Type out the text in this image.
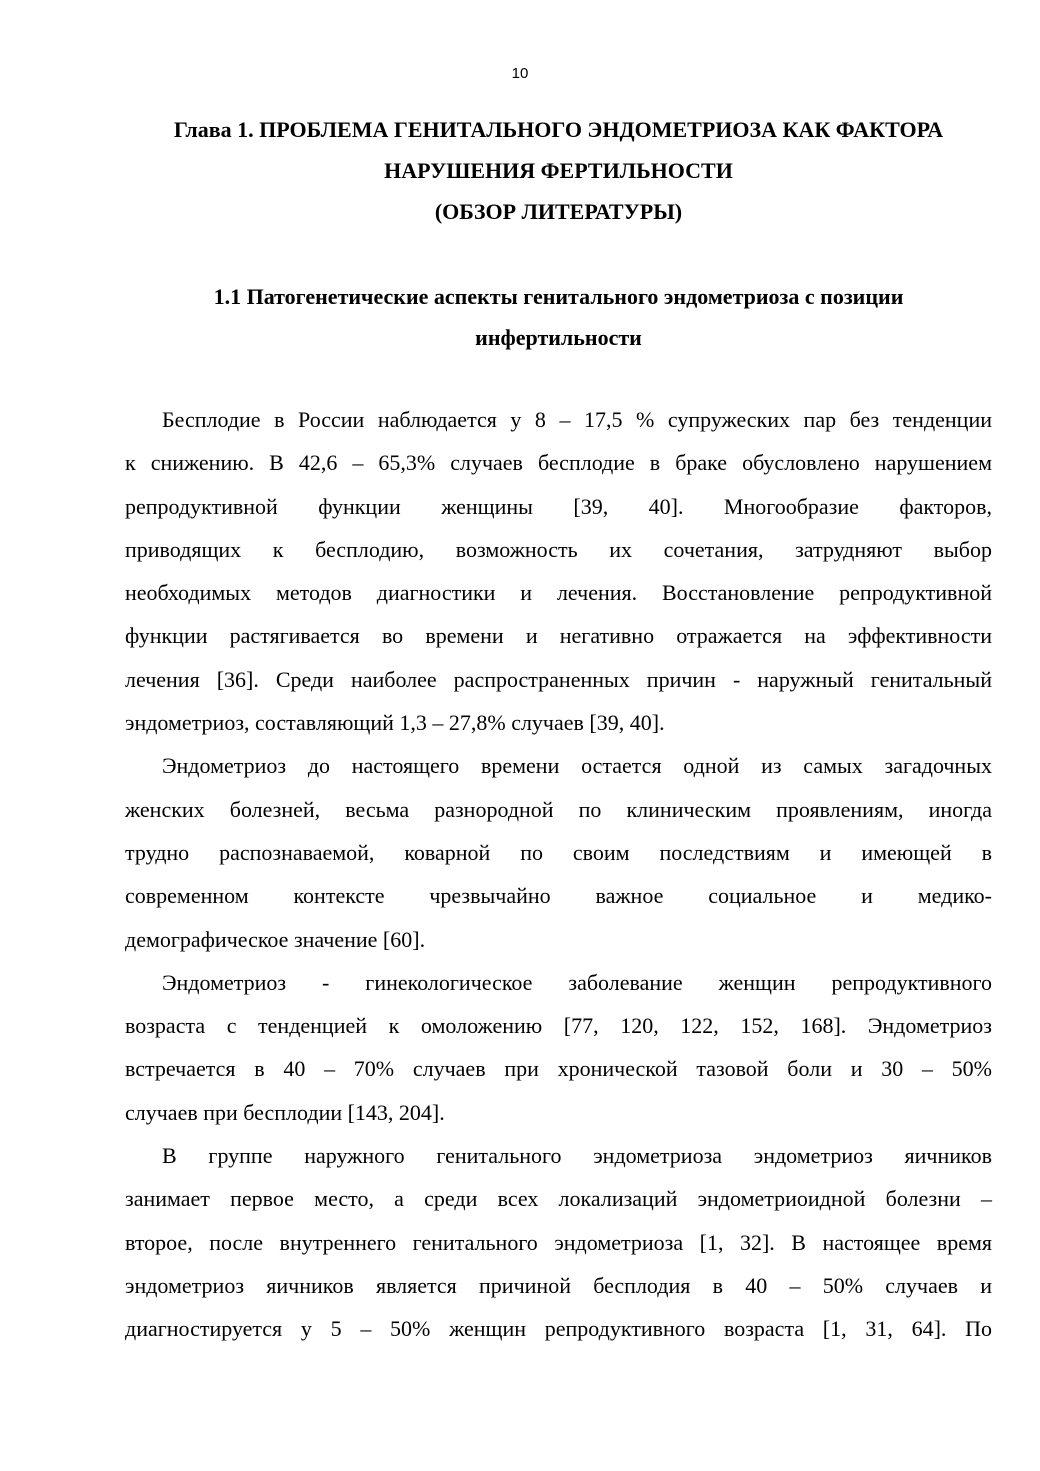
10
Глава 1. ПРОБЛЕМА ГЕНИТАЛЬНОГО ЭНДОМЕТРИОЗА КАК ФАКТОРА
НАРУШЕНИЯ ФЕРТИЛЬНОСТИ
(ОБЗОР ЛИТЕРАТУРЫ)
1.1 Патогенетические аспекты генитального эндометриоза с позиции
инфертильности
Бесплодие в России наблюдается у 8 – 17,5 % супружеских пар без тенденции
к снижению. В 42,6 – 65,3% случаев бесплодие в браке обусловлено нарушением
репродуктивной функции женщины [39, 40]. Многообразие факторов,
приводящих к бесплодию, возможность их сочетания, затрудняют выбор
необходимых методов диагностики и лечения. Восстановление репродуктивной
функции растягивается во времени и негативно отражается на эффективности
лечения [36]. Среди наиболее распространенных причин - наружный генитальный
эндометриоз, составляющий 1,3 – 27,8% случаев [39, 40].
Эндометриоз до настоящего времени остается одной из самых загадочных
женских болезней, весьма разнородной по клиническим проявлениям, иногда
трудно распознаваемой, коварной по своим последствиям и имеющей в
современном контексте чрезвычайно важное социальное и медико-
демографическое значение [60].
Эндометриоз - гинекологическое заболевание женщин репродуктивного
возраста с тенденцией к омоложению [77, 120, 122, 152, 168]. Эндометриоз
встречается в 40 – 70% случаев при хронической тазовой боли и 30 – 50%
случаев при бесплодии [143, 204].
В группе наружного генитального эндометриоза эндометриоз яичников
занимает первое место, а среди всех локализаций эндометриоидной болезни –
второе, после внутреннего генитального эндометриоза [1, 32]. В настоящее время
эндометриоз яичников является причиной бесплодия в 40 – 50% случаев и
диагностируется у 5 – 50% женщин репродуктивного возраста [1, 31, 64]. По
